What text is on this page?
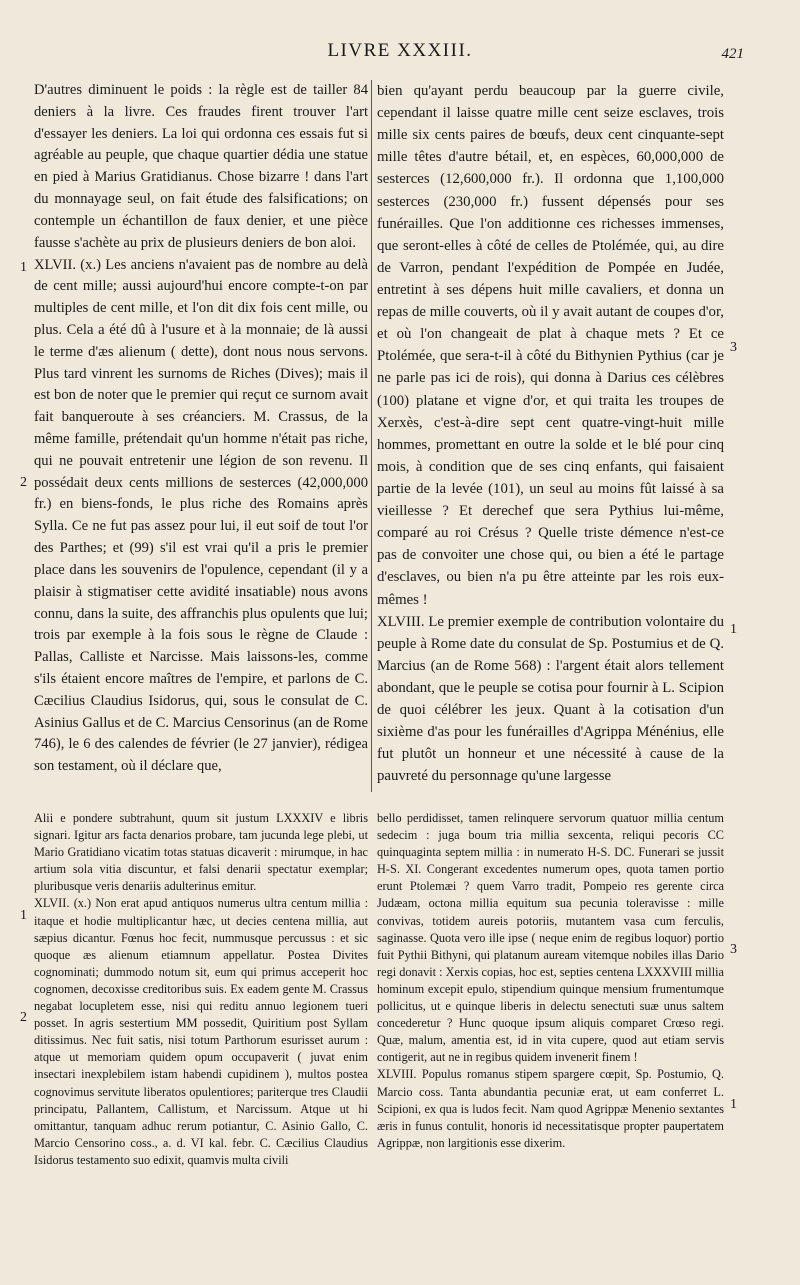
LIVRE XXXIII.	421

D'autres diminuent le poids : la règle est de tailler 84 deniers à la livre. Ces fraudes firent trouver l'art d'essayer les deniers. La loi qui ordonna ces essais fut si agréable au peuple, que chaque quartier dédia une statue en pied à Marius Gratidianus. Chose bizarre ! dans l'art du monnayage seul, on fait étude des falsifications; on contemple un échantillon de faux denier, et une pièce fausse s'achète au prix de plusieurs deniers de bon aloi.

XLVII. (x.) Les anciens n'avaient pas de nombre au delà de cent mille; aussi aujourd'hui encore compte-t-on par multiples de cent mille, et l'on dit dix fois cent mille, ou plus. Cela a été dû à l'usure et à la monnaie; de là aussi le terme d'æs alienum ( dette), dont nous nous servons. Plus tard vinrent les surnoms de Riches (Dives); mais il est bon de noter que le premier qui reçut ce surnom avait fait banqueroute à ses créanciers. M. Crassus, de la même famille, prétendait qu'un homme n'était pas riche, qui ne pouvait entretenir une légion de son revenu. Il possédait deux cents millions de sesterces (42,000,000 fr.) en biens-fonds, le plus riche des Romains après Sylla. Ce ne fut pas assez pour lui, il eut soif de tout l'or des Parthes; et (99) s'il est vrai qu'il a pris le premier place dans les souvenirs de l'opulence, cependant (il y a plaisir à stigmatiser cette avidité insatiable) nous avons connu, dans la suite, des affranchis plus opulents que lui; trois par exemple à la fois sous le règne de Claude : Pallas, Calliste et Narcisse. Mais laissons-les, comme s'ils étaient encore maîtres de l'empire, et parlons de C. Cæcilius Claudius Isidorus, qui, sous le consulat de C. Asinius Gallus et de C. Marcius Censorinus (an de Rome 746), le 6 des calendes de février (le 27 janvier), rédigea son testament, où il déclare que,

bien qu'ayant perdu beaucoup par la guerre civile, cependant il laisse quatre mille cent seize esclaves, trois mille six cents paires de bœufs, deux cent cinquante-sept mille têtes d'autre bétail, et, en espèces, 60,000,000 de sesterces (12,600,000 fr.). Il ordonna que 1,100,000 sesterces (230,000 fr.) fussent dépensés pour ses funérailles. Que l'on additionne ces richesses immenses, que seront-elles à côté de celles de Ptolémée, qui, au dire de Varron, pendant l'expédition de Pompée en Judée, entretint à ses dépens huit mille cavaliers, et donna un repas de mille couverts, où il y avait autant de coupes d'or, et où l'on changeait de plat à chaque mets ? Et ce Ptolémée, que sera-t-il à côté du Bithynien Pythius (car je ne parle pas ici de rois), qui donna à Darius ces célèbres (100) platane et vigne d'or, et qui traita les troupes de Xerxès, c'est-à-dire sept cent quatre-vingt-huit mille hommes, promettant en outre la solde et le blé pour cinq mois, à condition que de ses cinq enfants, qui faisaient partie de la levée (101), un seul au moins fût laissé à sa vieillesse ? Et derechef que sera Pythius lui-même, comparé au roi Crésus ? Quelle triste démence n'est-ce pas de convoiter une chose qui, ou bien a été le partage d'esclaves, ou bien n'a pu être atteinte par les rois eux-mêmes !

XLVIII. Le premier exemple de contribution volontaire du peuple à Rome date du consulat de Sp. Postumius et de Q. Marcius (an de Rome 568) : l'argent était alors tellement abondant, que le peuple se cotisa pour fournir à L. Scipion de quoi célébrer les jeux. Quant à la cotisation d'un sixième d'as pour les funérailles d'Agrippa Ménénius, elle fut plutôt un honneur et une nécessité à cause de la pauvreté du personnage qu'une largesse

Alii e pondere subtrahunt, quum sit justum LXXXIV e libris signari. Igitur ars facta denarios probare, tam jucunda lege plebi, ut Mario Gratidiano vicatim totas statuas dicaverit : mirumque, in hac artium sola vitia discuntur, et falsi denarii spectatur exemplar; pluribusque veris denariis adulterinus emitur.

XLVII. (x.) Non erat apud antiquos numerus ultra centum millia : itaque et hodie multiplicantur hæc, ut decies centena millia, aut sæpius dicantur. Fœnus hoc fecit, nummusque percussus : et sic quoque æs alienum etiamnum appellatur. Postea Divites cognominati; dummodo notum sit, eum qui primus acceperit hoc cognomen, decoxisse creditoribus suis. Ex eadem gente M. Crassus negabat locupletem esse, nisi qui reditu annuo legionem tueri posset. In agris sestertium MM possedit, Quiritium post Syllam ditissimus. Nec fuit satis, nisi totum Parthorum esurisset aurum : atque ut memoriam quidem opum occupaverit ( juvat enim insectari inexplebilem istam habendi cupidinem ), multos postea cognovimus servitute liberatos opulentiores; pariterque tres Claudii principatu, Pallantem, Callistum, et Narcissum. Atque ut hi omittantur, tanquam adhuc rerum potiantur, C. Asinio Gallo, C. Marcio Censorino coss., a. d. VI kal. febr. C. Cæcilius Claudius Isidorus testamento suo edixit, quamvis multa civili

bello perdidisset, tamen relinquere servorum quatuor millia centum sedecim : juga boum tria millia sexcenta, reliqui pecoris CC quinquaginta septem millia : in numerato H-S. DC. Funerari se jussit H-S. XI. Congerant excedentes numerum opes, quota tamen portio erunt Ptolemæi ? quem Varro tradit, Pompeio res gerente circa Judæam, octona millia equitum sua pecunia toleravisse : mille convivas, totidem aureis potoriis, mutantem vasa cum ferculis, saginasse. Quota vero ille ipse ( neque enim de regibus loquor) portio fuit Pythii Bithyni, qui platanum auream vitemque nobiles illas Dario regi donavit : Xerxis copias, hoc est, septies centena LXXXVIII millia hominum excepit epulo, stipendium quinque mensium frumentumque pollicitus, ut e quinque liberis in delectu senectuti suæ unus saltem concederetur ? Hunc quoque ipsum aliquis comparet Crœso regi. Quæ, malum, amentia est, id in vita cupere, quod aut etiam servis contigerit, aut ne in regibus quidem invenerit finem !

XLVIII. Populus romanus stipem spargere cœpit, Sp. Postumio, Q. Marcio coss. Tanta abundantia pecuniæ erat, ut eam conferret L. Scipioni, ex qua is ludos fecit. Nam quod Agrippæ Menenio sextantes æris in funus contulit, honoris id necessitatisque propter paupertatem Agrippæ, non largitionis esse dixerim.

1
2
3
1
1
2
3
1
